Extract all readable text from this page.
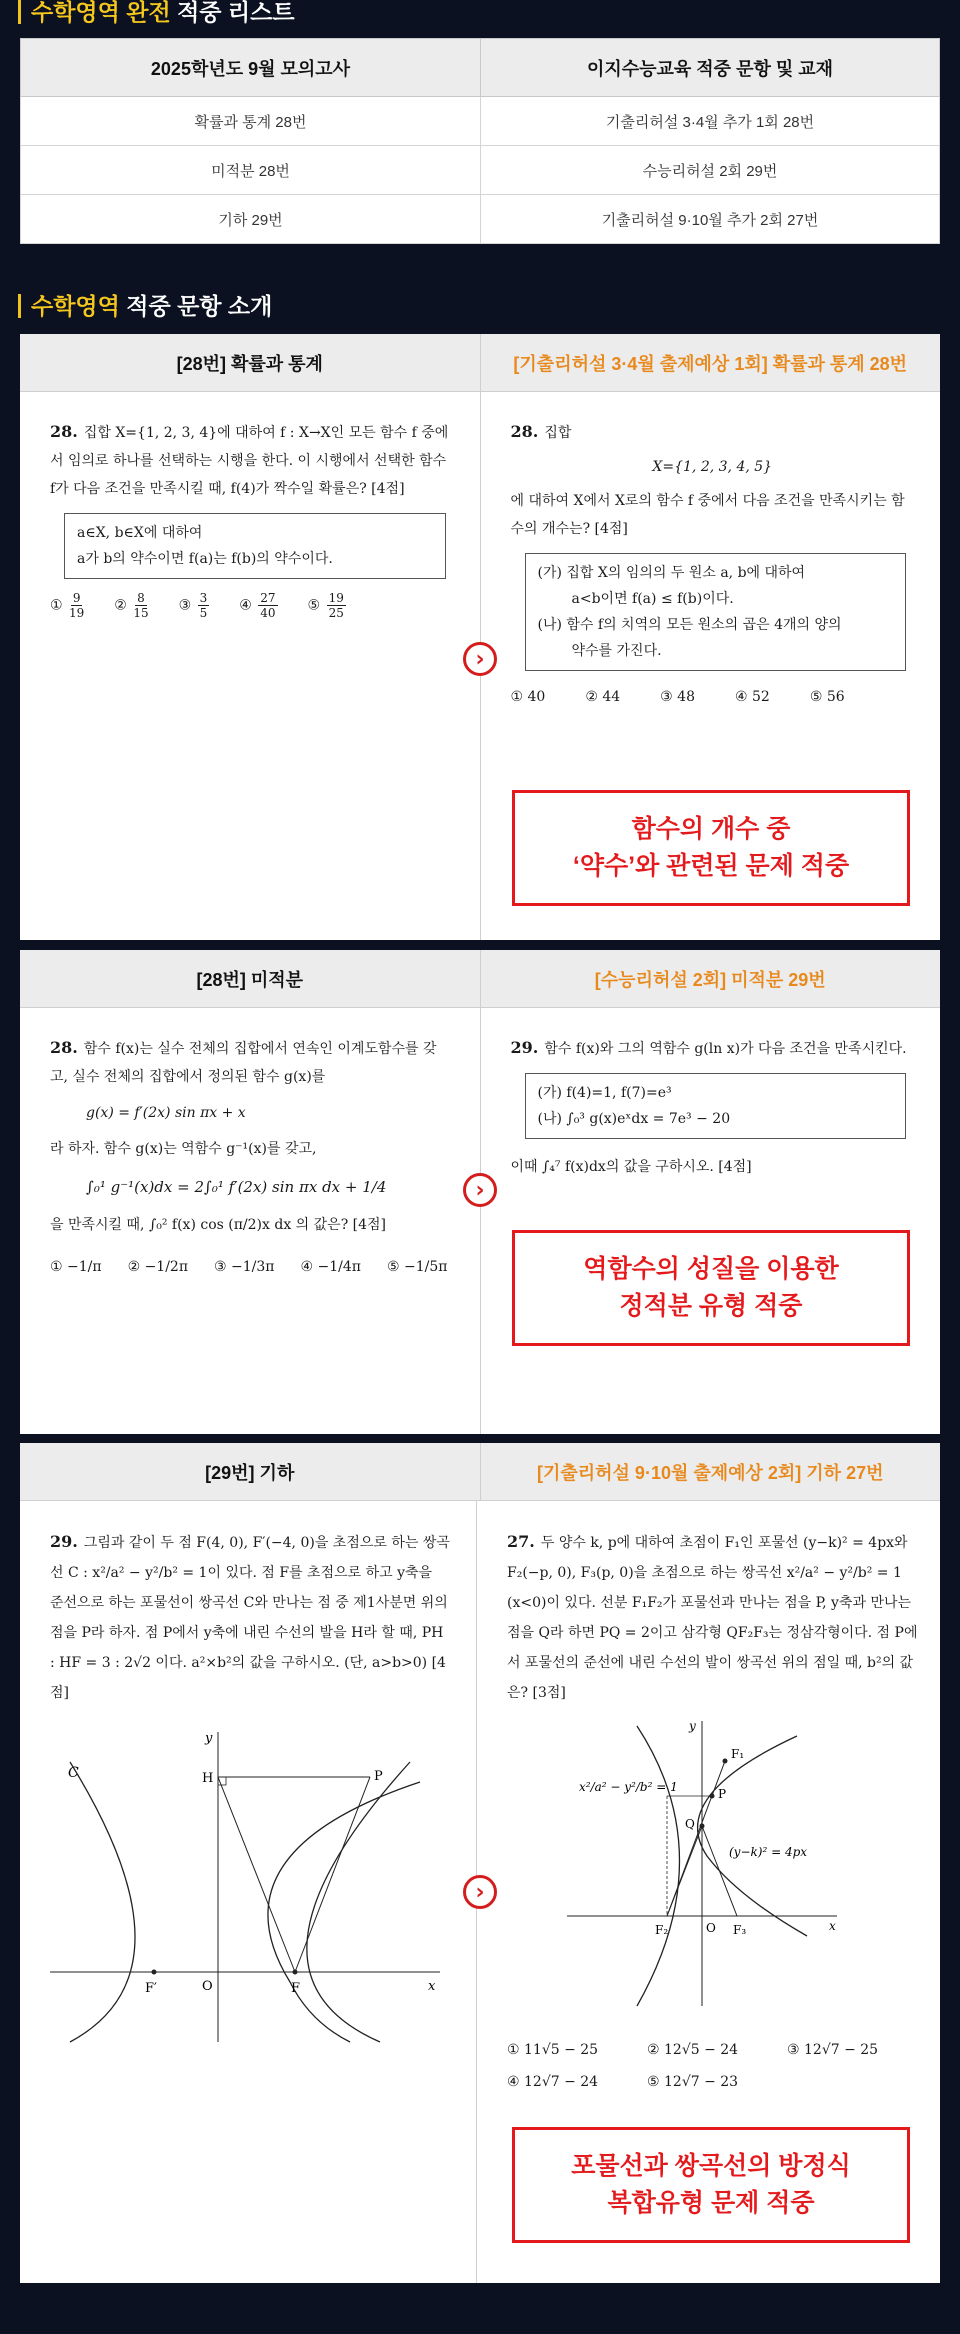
수학영역 완전 적중 리스트
2025학년도 9월 모의고사	이지수능교육 적중 문항 및 교재
확률과 통계 28번	기출리허설 3·4월 추가 1회 28번
미적분 28번	수능리허설 2회 29번
기하 29번	기출리허설 9·10월 추가 2회 27번
수학영역 적중 문항 소개
[28번] 확률과 통계	[기출리허설 3·4월 출제예상 1회] 확률과 통계 28번

28. 집합 X={1, 2, 3, 4}에 대하여 f : X→X인 모든 함수 f 중에서 임의로 하나를 선택하는 시행을 한다. 이 시행에서 선택한 함수 f가 다음 조건을 만족시킬 때, f(4)가 짝수일 확률은? [4점]

a∈X, b∈X에 대하여
a가 b의 약수이면 f(a)는 f(b)의 약수이다.
① $\frac{9}{19}$ ② $\frac{8}{15}$ ③ $\frac{3}{5}$ ④ $\frac{27}{40}$ ⑤ $\frac{19}{25}$

28. 집합

X={1, 2, 3, 4, 5}

에 대하여 X에서 X로의 함수 f 중에서 다음 조건을 만족시키는 함수의 개수는? [4점]

(가) 집합 X의 임의의 두 원소 a, b에 대하여
a<b이면 f(a) ≤ f(b)이다.
(나) 함수 f의 치역의 모든 원소의 곱은 4개의 양의
약수를 가진다.
① 40	② 44	③ 48	④ 52	⑤ 56
›
함수의 개수 중
‘약수’와 관련된 문제 적중
[28번] 미적분	[수능리허설 2회] 미적분 29번

28. 함수 f(x)는 실수 전체의 집합에서 연속인 이계도함수를 갖고, 실수 전체의 집합에서 정의된 함수 g(x)를

g(x) = f′(2x) sin πx + x

라 하자. 함수 g(x)는 역함수 g⁻¹(x)를 갖고,

∫₀¹ g⁻¹(x)dx = 2∫₀¹ f′(2x) sin πx dx + 1/4

을 만족시킬 때, ∫₀² f(x) cos (π/2)x dx 의 값은? [4점]

① −1/π ② −1/2π ③ −1/3π ④ −1/4π ⑤ −1/5π

29. 함수 f(x)와 그의 역함수 g(ln x)가 다음 조건을 만족시킨다.

(가) f(4)=1, f(7)=e³
(나) ∫₀³ g(x)eˣdx = 7e³ − 20

이때 ∫₄⁷ f(x)dx의 값을 구하시오. [4점]

›
역함수의 성질을 이용한
정적분 유형 적중
[29번] 기하	[기출리허설 9·10월 출제예상 2회] 기하 27번

29. 그림과 같이 두 점 F(4, 0), F′(−4, 0)을 초점으로 하는 쌍곡선 C : x²/a² − y²/b² = 1이 있다. 점 F를 초점으로 하고 y축을 준선으로 하는 포물선이 쌍곡선 C와 만나는 점 중 제1사분면 위의 점을 P라 하자. 점 P에서 y축에 내린 수선의 발을 H라 할 때, PH : HF = 3 : 2√2 이다. a²×b²의 값을 구하시오. (단, a>b>0) [4점]

C	H	P
F′	O	F	x
y

27. 두 양수 k, p에 대하여 초점이 F₁인 포물선 (y−k)² = 4px와 F₂(−p, 0), F₃(p, 0)을 초점으로 하는 쌍곡선 x²/a² − y²/b² = 1 (x<0)이 있다. 선분 F₁F₂가 포물선과 만나는 점을 P, y축과 만나는 점을 Q라 하면 PQ = 2이고 삼각형 QF₂F₃는 정삼각형이다. 점 P에서 포물선의 준선에 내린 수선의 발이 쌍곡선 위의 점일 때, b²의 값은? [3점]

x²/a² − y²/b² = 1
(y−k)² = 4px
F₁
P
Q
F₂	O F₃	x
y
① 11√5 − 25	② 12√5 − 24	③ 12√7 − 25
④ 12√7 − 24	⑤ 12√7 − 23
›
포물선과 쌍곡선의 방정식
복합유형 문제 적중
